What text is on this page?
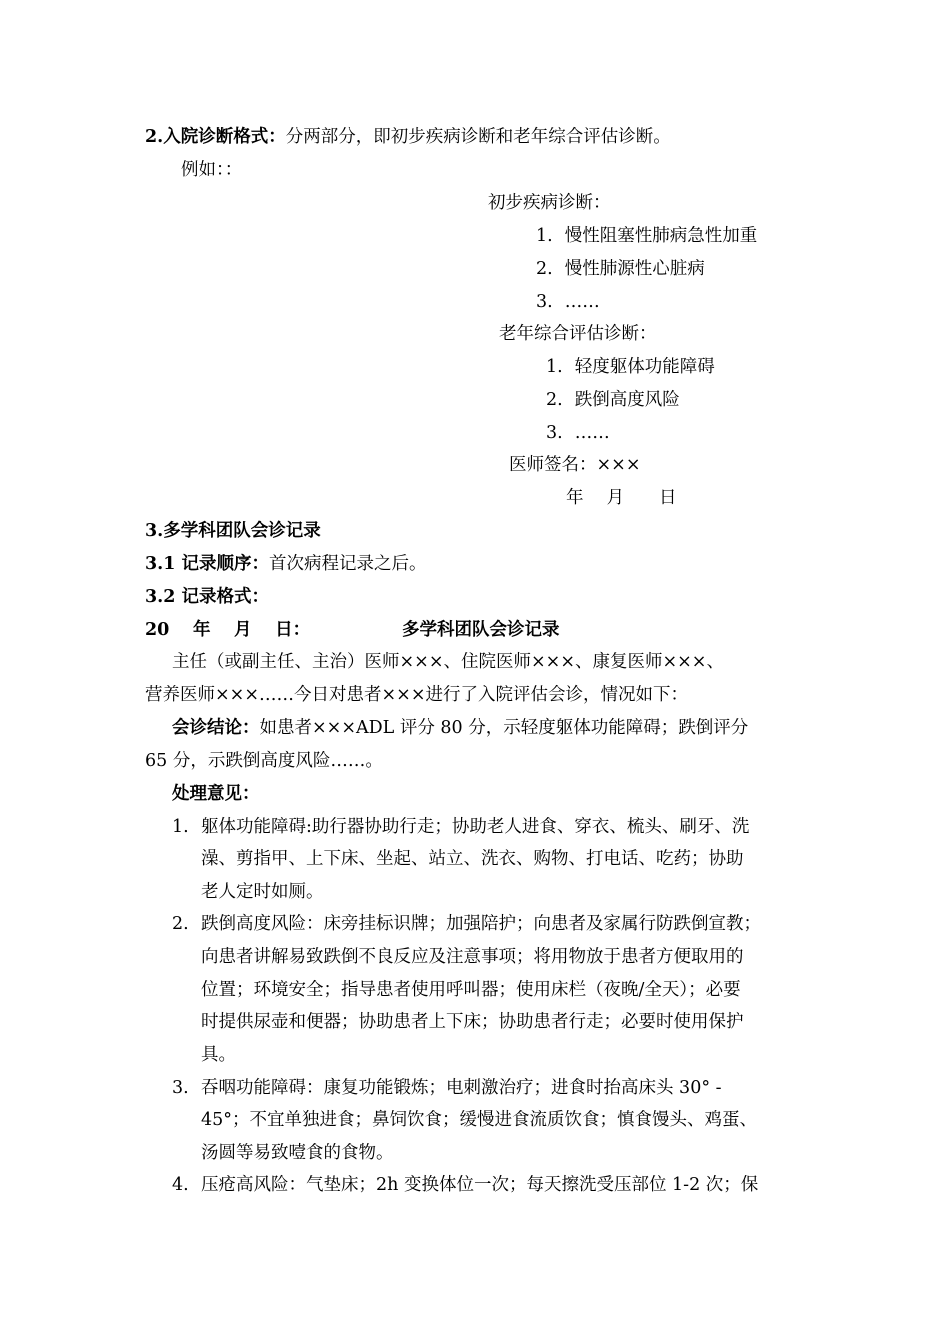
2.入院诊断格式：分两部分，即初步疾病诊断和老年综合评估诊断。
例如：：
初步疾病诊断：
1. 慢性阻塞性肺病急性加重
2. 慢性肺源性心脏病
3. ……
老年综合评估诊断：
1. 轻度躯体功能障碍
2. 跌倒高度风险
3. ……
医师签名：×××
年　 月　　日
3.多学科团队会诊记录
3.1 记录顺序：首次病程记录之后。
3.2 记录格式：
20　 年　 月　 日：	多学科团队会诊记录
主任（或副主任、主治）医师×××、住院医师×××、康复医师×××、
营养医师×××……今日对患者×××进行了入院评估会诊，情况如下：
会诊结论：如患者×××ADL 评分 80 分，示轻度躯体功能障碍；跌倒评分
65 分，示跌倒高度风险……。
处理意见：
1. 躯体功能障碍:助行器协助行走；协助老人进食、穿衣、梳头、刷牙、洗
澡、剪指甲、上下床、坐起、站立、洗衣、购物、打电话、吃药；协助
老人定时如厕。
2. 跌倒高度风险：床旁挂标识牌；加强陪护；向患者及家属行防跌倒宣教；
向患者讲解易致跌倒不良反应及注意事项；将用物放于患者方便取用的
位置；环境安全；指导患者使用呼叫器；使用床栏（夜晚/全天）；必要
时提供尿壶和便器；协助患者上下床；协助患者行走；必要时使用保护
具。
3. 吞咽功能障碍：康复功能锻炼；电刺激治疗；进食时抬高床头 30° -
45°；不宜单独进食；鼻饲饮食；缓慢进食流质饮食；慎食馒头、鸡蛋、
汤圆等易致噎食的食物。
4. 压疮高风险：气垫床；2h 变换体位一次；每天擦洗受压部位 1-2 次；保
